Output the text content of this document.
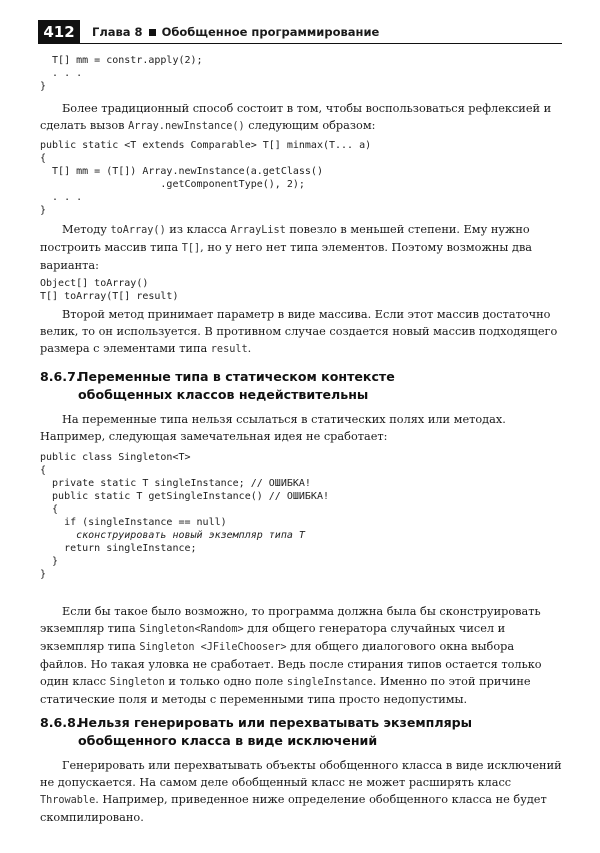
412	Глава 8 Обобщенное программирование
T[] mm = constr.apply(2);
. . .
}

Более традиционный способ состоит в том, чтобы воспользоваться рефлексией и сделать вызов Array.newInstance() следующим образом:

public static <T extends Comparable> T[] minmax(T... a)
{
T[] mm = (T[]) Array.newInstance(a.getClass()
.getComponentType(), 2);
. . .
}

Методу toArray() из класса ArrayList повезло в меньшей степени. Ему нужно построить массив типа T[], но у него нет типа элементов. Поэтому возможны два варианта:

Object[] toArray()
T[] toArray(T[] result)

Второй метод принимает параметр в виде массива. Если этот массив достаточно велик, то он используется. В противном случае создается новый массив подходящего размера с элементами типа result.

8.6.7.Переменные типа в статическом контексте
обобщенных классов недействительны

На переменные типа нельзя ссылаться в статических полях или методах. Например, следующая замечательная идея не сработает:

public class Singleton<T>
{
private static T singleInstance; // ОШИБКА!
public static T getSingleInstance() // ОШИБКА!
{
if (singleInstance == null)
сконструировать новый экземпляр типа T
return singleInstance;
}
}

Если бы такое было возможно, то программа должна была бы сконструировать экземпляр типа Singleton<Random> для общего генератора случайных чисел и экземпляр типа Singleton <JFileChooser> для общего диалогового окна выбора файлов. Но такая уловка не сработает. Ведь после стирания типов остается только один класс Singleton и только одно поле singleInstance. Именно по этой причине статические поля и методы с переменными типа просто недопустимы.

8.6.8.Нельзя генерировать или перехватывать экземпляры
обобщенного класса в виде исключений

Генерировать или перехватывать объекты обобщенного класса в виде исключений не допускается. На самом деле обобщенный класс не может расширять класс Throwable. Например, приведенное ниже определение обобщенного класса не будет скомпилировано.
